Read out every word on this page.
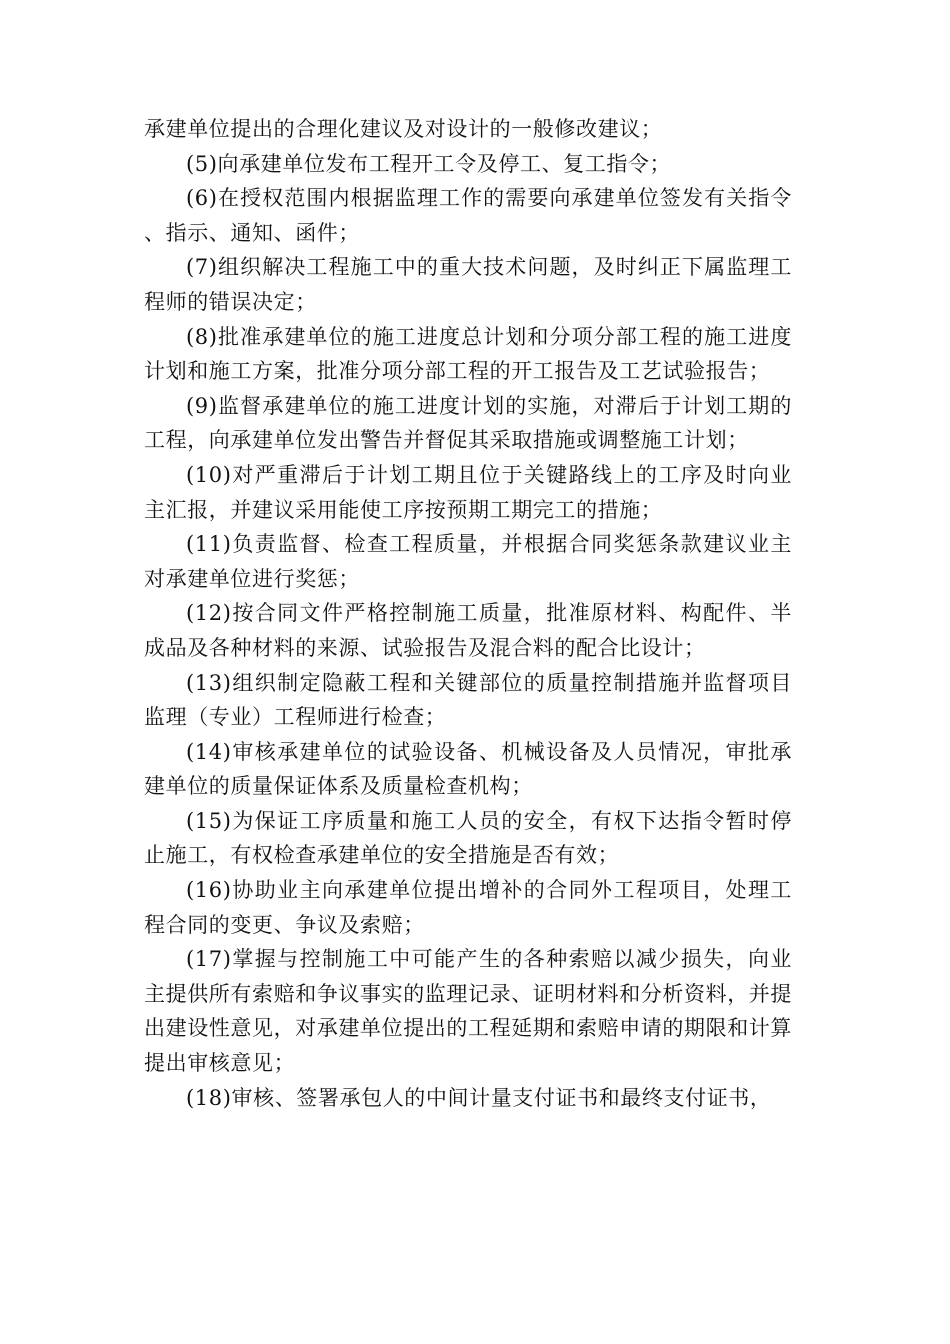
承建单位提出的合理化建议及对设计的一般修改建议；

(5)向承建单位发布工程开工令及停工、复工指令；

(6)在授权范围内根据监理工作的需要向承建单位签发有关指令、指示、通知、函件；

(7)组织解决工程施工中的重大技术问题，及时纠正下属监理工程师的错误决定；

(8)批准承建单位的施工进度总计划和分项分部工程的施工进度计划和施工方案，批准分项分部工程的开工报告及工艺试验报告；

(9)监督承建单位的施工进度计划的实施，对滞后于计划工期的工程，向承建单位发出警告并督促其采取措施或调整施工计划；

(10)对严重滞后于计划工期且位于关键路线上的工序及时向业主汇报，并建议采用能使工序按预期工期完工的措施；

(11)负责监督、检查工程质量，并根据合同奖惩条款建议业主对承建单位进行奖惩；

(12)按合同文件严格控制施工质量，批准原材料、构配件、半成品及各种材料的来源、试验报告及混合料的配合比设计；

(13)组织制定隐蔽工程和关键部位的质量控制措施并监督项目监理（专业）工程师进行检查；

(14)审核承建单位的试验设备、机械设备及人员情况，审批承建单位的质量保证体系及质量检查机构；

(15)为保证工序质量和施工人员的安全，有权下达指令暂时停止施工，有权检查承建单位的安全措施是否有效；

(16)协助业主向承建单位提出增补的合同外工程项目，处理工程合同的变更、争议及索赔；

(17)掌握与控制施工中可能产生的各种索赔以减少损失，向业主提供所有索赔和争议事实的监理记录、证明材料和分析资料，并提出建设性意见，对承建单位提出的工程延期和索赔申请的期限和计算提出审核意见；

(18)审核、签署承包人的中间计量支付证书和最终支付证书，
